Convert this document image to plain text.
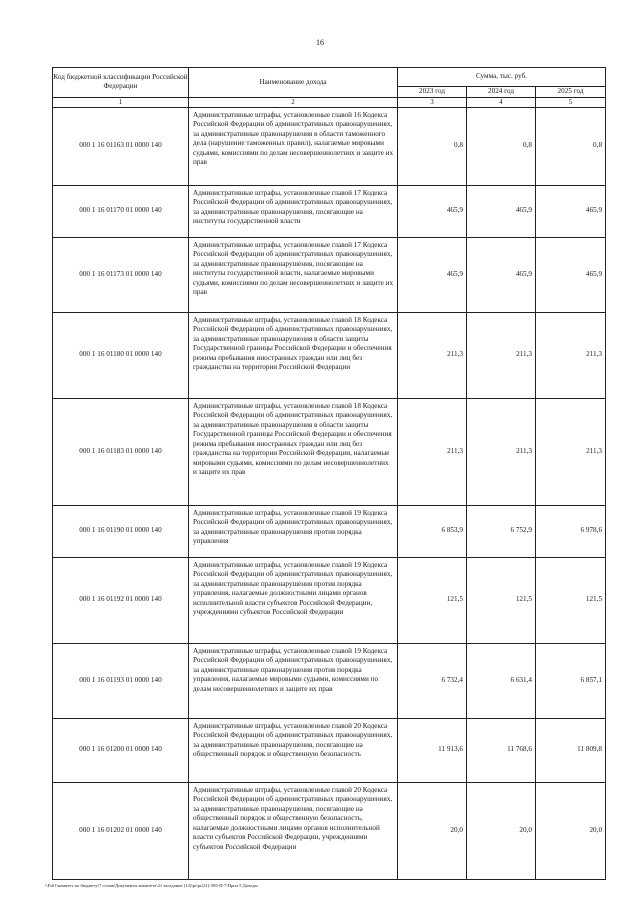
16
Код бюджетной классификации Российской Федерации	Наименование дохода	Сумма, тыс. руб.		
		2023 год	2024 год	2025 год
1	2	3	4	5
000 1 16 01163 01 0000 140	Административные штрафы, установленные главой 16 Кодекса Российской Федерации об административных правонарушениях, за административные правонарушения в области таможенного дела (нарушение таможенных правил), налагаемые мировыми судьями, комиссиями по делам несовершеннолетних и защите их прав	0,8	0,8	0,8
000 1 16 01170 01 0000 140	Административные штрафы, установленные главой 17 Кодекса Российской Федерации об административных правонарушениях, за административные правонарушения, посягающие на институты государственной власти	465,9	465,9	465,9
000 1 16 01173 01 0000 140	Административные штрафы, установленные главой 17 Кодекса Российской Федерации об административных правонарушениях, за административные правонарушения, посягающие на институты государственной власти, налагаемые мировыми судьями, комиссиями по делам несовершеннолетних и защите их прав	465,9	465,9	465,9
000 1 16 01180 01 0000 140	Административные штрафы, установленные главой 18 Кодекса Российской Федерации об административных правонарушениях, за административные правонарушения в области защиты Государственной границы Российской Федерации и обеспечения режима пребывания иностранных граждан или лиц без гражданства на территории Российской Федерации	211,3	211,3	211,3
000 1 16 01183 01 0000 140	Административные штрафы, установленные главой 18 Кодекса Российской Федерации об административных правонарушениях, за административные правонарушения в области защиты Государственной границы Российской Федерации и обеспечения режима пребывания иностранных граждан или лиц без гражданства на территории Российской Федерации, налагаемые мировыми судьями, комиссиями по делам несовершеннолетних и защите их прав	211,3	211,3	211,3
000 1 16 01190 01 0000 140	Административные штрафы, установленные главой 19 Кодекса Российской Федерации об административных правонарушениях, за административные правонарушения против порядка управления	6 853,9	6 752,9	6 978,6
000 1 16 01192 01 0000 140	Административные штрафы, установленные главой 19 Кодекса Российской Федерации об административных правонарушениях, за административные правонарушения против порядка управления, налагаемые должностными лицами органов исполнительной власти субъектов Российской Федерации, учреждениями субъектов Российской Федерации	121,5	121,5	121,5
000 1 16 01193 01 0000 140	Административные штрафы, установленные главой 19 Кодекса Российской Федерации об административных правонарушениях, за административные правонарушения против порядка управления, налагаемые мировыми судьями, комиссиями по делам несовершеннолетних и защите их прав	6 732,4	6 631,4	6 857,1
000 1 16 01200 01 0000 140	Административные штрафы, установленные главой 20 Кодекса Российской Федерации об административных правонарушениях, за административные правонарушения, посягающие на общественный порядок и общественную безопасность	11 913,6	11 768,6	11 809,8
000 1 16 01202 01 0000 140	Административные штрафы, установленные главой 20 Кодекса Российской Федерации об административных правонарушениях, за административные правонарушения, посягающие на общественный порядок и общественную безопасность, налагаемые должностными лицами органов исполнительной власти субъектов Российской Федерации, учреждениями субъектов Российской Федерации	20,0	20,0	20,0
\\Fs01\комитет по бюджету\7 созыв\Документы комитета\21 заседание (12)\pr\pr(21)-385-П-7\Прил 5 Доходы
